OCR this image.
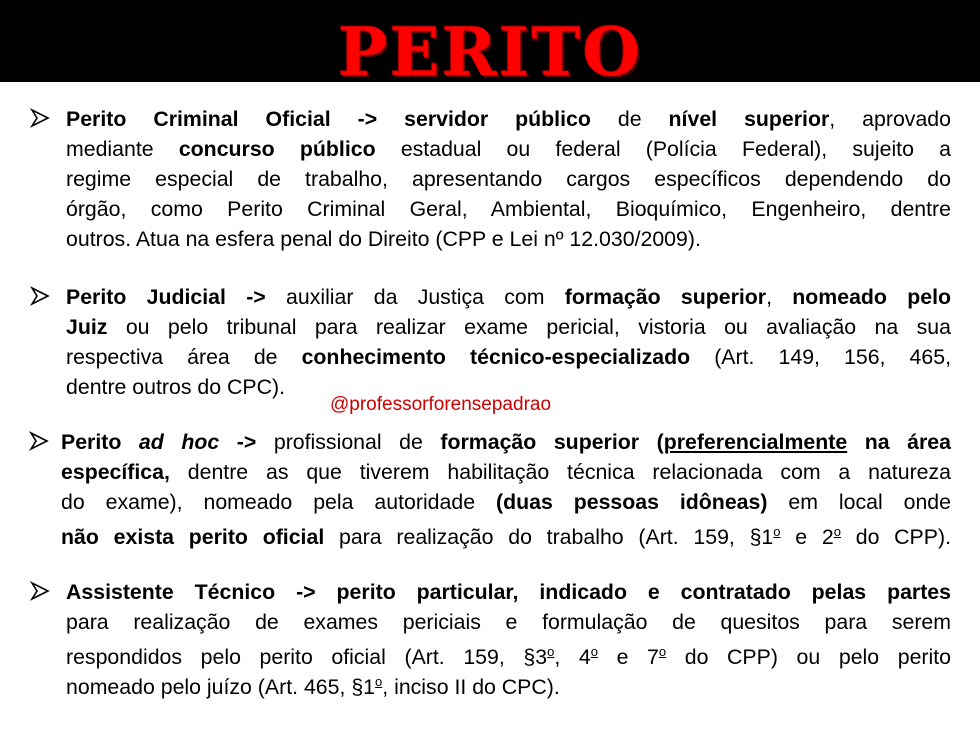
PERITO
Perito Criminal Oficial -> servidor público de nível superior, aprovado
mediante concurso público estadual ou federal (Polícia Federal), sujeito a
regime especial de trabalho, apresentando cargos específicos dependendo do
órgão, como Perito Criminal Geral, Ambiental, Bioquímico, Engenheiro, dentre
outros. Atua na esfera penal do Direito (CPP e Lei nº 12.030/2009).
Perito Judicial -> auxiliar da Justiça com formação superior, nomeado pelo
Juiz ou pelo tribunal para realizar exame pericial, vistoria ou avaliação na sua
respectiva área de conhecimento técnico-especializado (Art. 149, 156, 465,
dentre outros do CPC).
@professorforensepadrao
Perito ad hoc -> profissional de formação superior (preferencialmente na área
específica, dentre as que tiverem habilitação técnica relacionada com a natureza
do exame), nomeado pela autoridade (duas pessoas idôneas) em local onde
não exista perito oficial para realização do trabalho (Art. 159, §1$^o$ e 2$^o$ do CPP).
Assistente Técnico -> perito particular, indicado e contratado pelas partes
para realização de exames periciais e formulação de quesitos para serem
respondidos pelo perito oficial (Art. 159, §3$^o$, 4$^o$ e 7$^o$ do CPP) ou pelo perito
nomeado pelo juízo (Art. 465, §1$^o$, inciso II do CPC).
